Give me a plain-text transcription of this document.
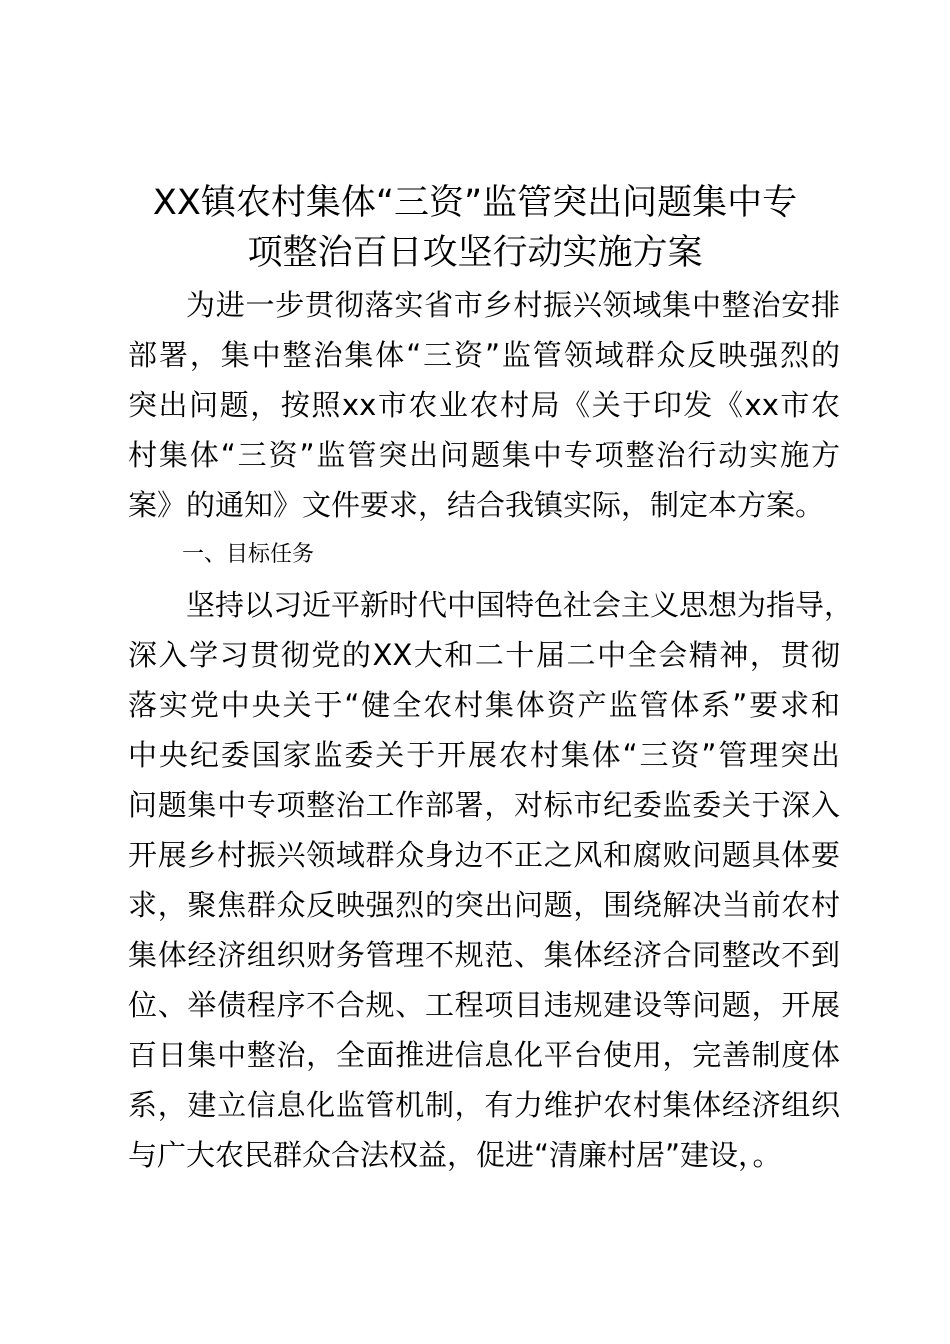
XX镇农村集体“三资”监管突出问题集中专
项整治百日攻坚行动实施方案

为进一步贯彻落实省市乡村振兴领域集中整治安排
部署，集中整治集体“三资”监管领域群众反映强烈的
突出问题，按照xx市农业农村局《关于印发《xx市农
村集体“三资”监管突出问题集中专项整治行动实施方
案》的通知》文件要求，结合我镇实际，制定本方案。

一、目标任务

坚持以习近平新时代中国特色社会主义思想为指导，
深入学习贯彻党的XX大和二十届二中全会精神，贯彻
落实党中央关于“健全农村集体资产监管体系”要求和
中央纪委国家监委关于开展农村集体“三资”管理突出
问题集中专项整治工作部署，对标市纪委监委关于深入
开展乡村振兴领域群众身边不正之风和腐败问题具体要
求，聚焦群众反映强烈的突出问题，围绕解决当前农村
集体经济组织财务管理不规范、集体经济合同整改不到
位、举债程序不合规、工程项目违规建设等问题，开展
百日集中整治，全面推进信息化平台使用，完善制度体
系，建立信息化监管机制，有力维护农村集体经济组织
与广大农民群众合法权益，促进“清廉村居”建设，。
